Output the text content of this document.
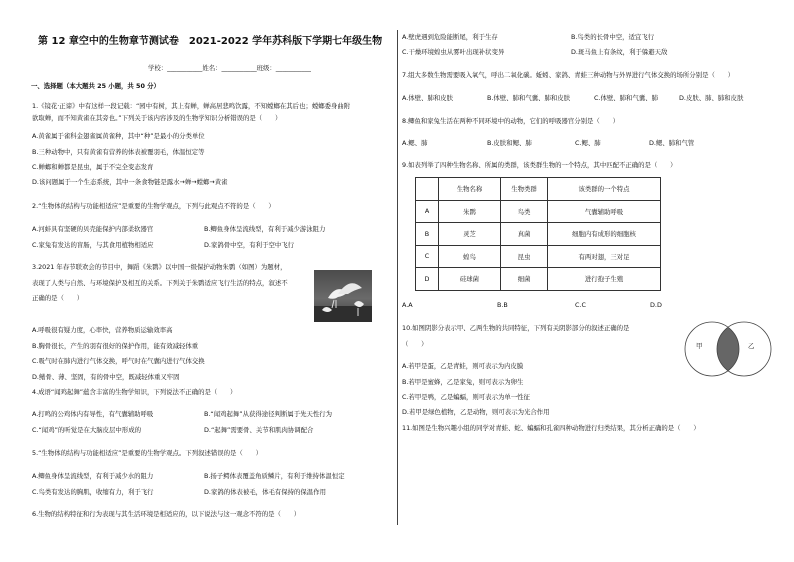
第 12 章空中的生物章节测试卷　2021-2022 学年苏科版下学期七年级生物
学校：___________姓名：___________班级：___________
一、选择题（本大题共 25 小题，共 50 分）
1.《镜花·正谛》中有这样一段记载：“园中有树，其上有蝉，蝉高居悲鸣饮露，不知螳螂在其后也；螳螂委身曲附
欲取蝉，而不知黄雀在其旁也。”下列关于该内容涉及的生物学知识分析错误的是（　　）
A.黄雀属于雀科金翅雀属黄雀种，其中“种”是最小的分类单位
B.三种动物中，只有黄雀有营养的体表被覆羽毛，体温恒定等
C.蝉螂和蝉都是昆虫，属于不完全变态发育
D.该问题属于一个生态系统，其中一条食物链是露水→蝉→螳螂→黄雀
2.“生物体的结构与功能相适应”是重要的生物学观点，下列与此观点不符的是（　　）
A.河蚌具有坚硬的贝壳能保护内部柔软器官	B.鲫鱼身体呈流线型，有利于减少游泳阻力
C.家兔有发达的盲肠，与其食用植物相适应	D.家鸽骨中空，有利于空中飞行
3.2021 年春节联欢会的节目中，舞蹈《朱鹮》以中国一级保护动物朱鹮（如图）为题材，
表现了人类与自然、与环境保护及相互的关系。下列关于朱鹮适应飞行生活的特点，叙述不
正确的是（　　）
A.呼吸很有疑力度，心率快，营养物质运输效率高
B.胸骨很长，产生的羽有很好的保护作用，能有效减轻体重
C.吸气时在肺内进行气体交换，呼气时在气囊内进行气体交换
D.鳍骨、薄、坚固，有的骨中空，既减轻体重又牢固
4.成语“闻鸡起舞”蕴含丰富的生物学知识，下列说法不正确的是（　　）
A.打鸣的公鸡体内有导性，有气囊辅助呼吸	B.“闻鸡起舞”从获得途径判断属于先天性行为
C.“闻鸡”的听觉是在大脑皮层中形成的	D.“起舞”需要骨、关节和肌肉协调配合
5.“生物体的结构与功能相适应”是重要的生物学观点。下列叙述错误的是（　　）
A.鲫鱼身体呈流线型，有利于减少水的阻力	B.扬子鳄体表覆盖角质鳞片，有利于维持体温恒定
C.鸟类有发达的胸肌，收缩有力，利于飞行	D.家鸽的体表被毛，体毛有保持的保温作用
6.生物的结构特征和行为表现与其生活环境是相适应的，以下说法与这一观念不符的是（　　）
A.壁虎遇到危险能断尾，利于生存	B.鸟类的长骨中空，适宜飞行
C.干燥环境蝗虫从雾叶出现补状变异	D.斑马鱼上有条纹，利于躲避天敌
7.组大多数生物需要吸入氧气，呼出二氧化碳。蚯蚓、家鸽、青蛙三种动物与外界进行气体交换的场所分别是（　　）
A.体壁、肺和皮肤	B.体壁、肺和气囊、肺和皮肤	C.体壁、肺和气囊、肺	D.皮肤、肺、肺和皮肤
8.鲫鱼和家兔生活在两种不同环境中的动物，它们的呼吸器官分别是（　　）
A.鳃、肺	B.皮肤和鳃、肺	C.鳃、肺	D.鳃、肺和气管
9.如表列举了四种生物名称、所属的类群，该类群生物的一个特点，其中匹配不正确的是（　　）
	生物名称	生物类群	该类群的一个特点
A	朱鹮	鸟类	气囊辅助呼吸
B	灵芝	真菌	细胞内有成形的细胞核
C	蝗鸟	昆虫	有两对翅，三对足
D	硅球菌	细菌	进行孢子生殖
A.A	B.B	C.C	D.D
10.如图阴影分表示甲、乙两生物的共同特征，下列有关阴影部分的叙述正确的是
（　　）
A.若甲是蛋，乙是青蛙，则可表示为内皮膜
B.若甲是蜜蜂，乙是家兔，则可表示为卵生
C.若甲是鸭，乙是蝙蝠，则可表示为单一性征
D.若甲是绿色植物，乙是动物，则可表示为光合作用
11.如图是生物兴趣小组的同学对青蛙、蛇、蝙蝠和孔雀四种动物进行归类结果，其分析正确的是（　　）
甲	乙
